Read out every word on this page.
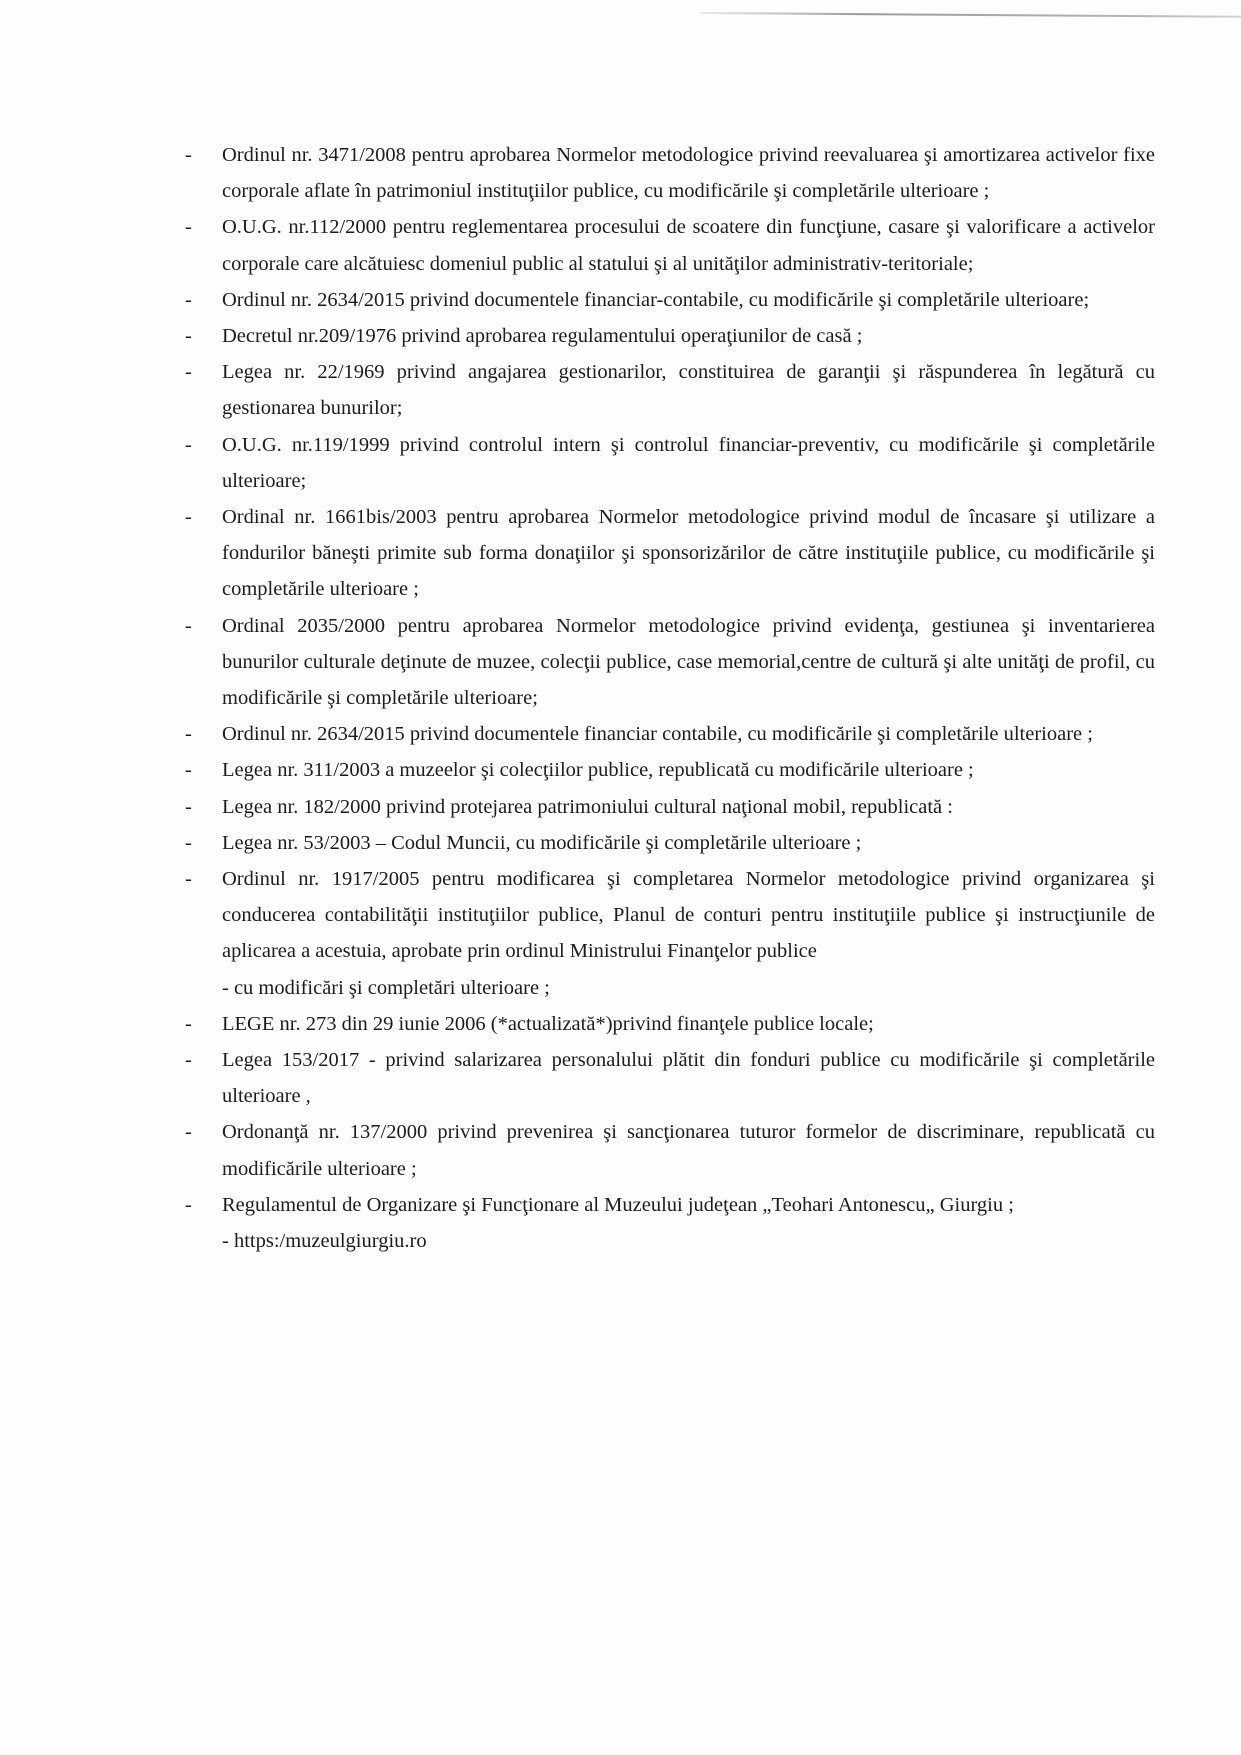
- Ordinul nr. 3471/2008 pentru aprobarea Normelor metodologice privind reevaluarea şi amortizarea activelor fixe corporale aflate în patrimoniul instituţiilor publice, cu modificările şi completările ulterioare ;
- O.U.G. nr.112/2000 pentru reglementarea procesului de scoatere din funcţiune, casare şi valorificare a activelor corporale care alcătuiesc domeniul public al statului şi al unităţilor administrativ-teritoriale;
- Ordinul nr. 2634/2015 privind documentele financiar-contabile, cu modificările şi completările ulterioare;
- Decretul nr.209/1976 privind aprobarea regulamentului operaţiunilor de casă ;
- Legea nr. 22/1969 privind angajarea gestionarilor, constituirea de garanţii şi răspunderea în legătură cu gestionarea bunurilor;
- O.U.G. nr.119/1999 privind controlul intern şi controlul financiar-preventiv, cu modificările şi completările ulterioare;
- Ordinal nr. 1661bis/2003 pentru aprobarea Normelor metodologice privind modul de încasare şi utilizare a fondurilor băneşti primite sub forma donaţiilor şi sponsorizărilor de către instituţiile publice, cu modificările şi completările ulterioare ;
- Ordinal 2035/2000 pentru aprobarea Normelor metodologice privind evidenţa, gestiunea şi inventarierea bunurilor culturale deţinute de muzee, colecţii publice, case memorial,centre de cultură şi alte unităţi de profil, cu modificările şi completările ulterioare;
- Ordinul nr. 2634/2015 privind documentele financiar contabile, cu modificările şi completările ulterioare ;
- Legea nr. 311/2003 a muzeelor şi colecţiilor publice, republicată cu modificările ulterioare ;
- Legea nr. 182/2000 privind protejarea patrimoniului cultural naţional mobil, republicată :
- Legea nr. 53/2003 – Codul Muncii, cu modificările şi completările ulterioare ;
- Ordinul nr. 1917/2005 pentru modificarea şi completarea Normelor metodologice privind organizarea şi conducerea contabilităţii instituţiilor publice, Planul de conturi pentru instituţiile publice şi instrucţiunile de aplicarea a acestuia, aprobate prin ordinul Ministrului Finanţelor publice
- cu modificări şi completări ulterioare ;
- LEGE nr. 273 din 29 iunie 2006 (*actualizată*)privind finanţele publice locale;
- Legea 153/2017 - privind salarizarea personalului plătit din fonduri publice cu modificările şi completările ulterioare ,
- Ordonanţă nr. 137/2000 privind prevenirea şi sancţionarea tuturor formelor de discriminare, republicată cu modificările ulterioare ;
- Regulamentul de Organizare şi Funcţionare al Muzeului judeţean „Teohari Antonescu„ Giurgiu ;
- https:/muzeulgiurgiu.ro
